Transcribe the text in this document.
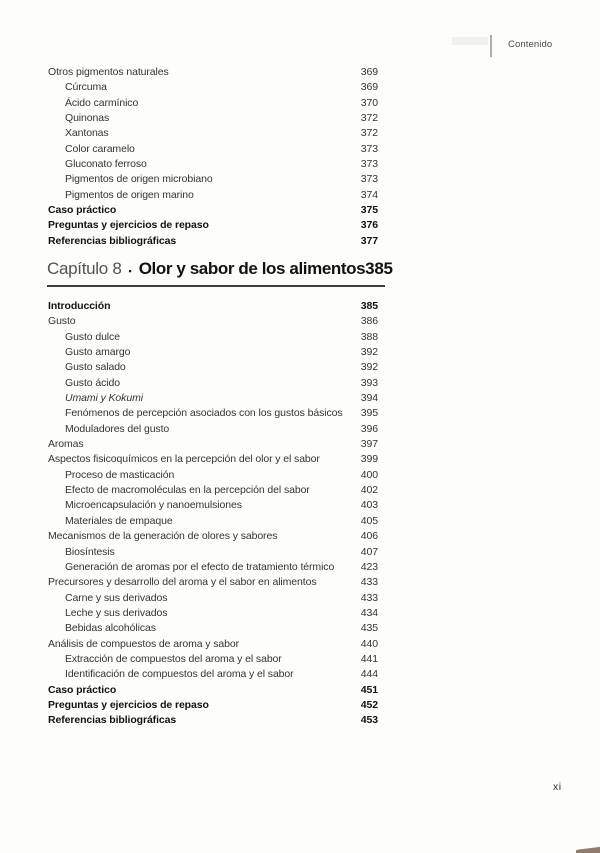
Contenido
Otros pigmentos naturales	369
Cúrcuma	369
Ácido carmínico	370
Quinonas	372
Xantonas	372
Color caramelo	373
Gluconato ferroso	373
Pigmentos de origen microbiano	373
Pigmentos de origen marino	374
Caso práctico	375
Preguntas y ejercicios de repaso	376
Referencias bibliográficas	377
Capítulo 8 ▪ Olor y sabor de los alimentos 385
Introducción	385
Gusto	386
Gusto dulce	388
Gusto amargo	392
Gusto salado	392
Gusto ácido	393
Umami y Kokumi	394
Fenómenos de percepción asociados con los gustos básicos	395
Moduladores del gusto	396
Aromas	397
Aspectos fisicoquímicos en la percepción del olor y el sabor	399
Proceso de masticación	400
Efecto de macromoléculas en la percepción del sabor	402
Microencapsulación y nanoemulsiones	403
Materiales de empaque	405
Mecanismos de la generación de olores y sabores	406
Biosíntesis	407
Generación de aromas por el efecto de tratamiento térmico	423
Precursores y desarrollo del aroma y el sabor en alimentos	433
Carne y sus derivados	433
Leche y sus derivados	434
Bebidas alcohólicas	435
Análisis de compuestos de aroma y sabor	440
Extracción de compuestos del aroma y el sabor	441
Identificación de compuestos del aroma y el sabor	444
Caso práctico	451
Preguntas y ejercicios de repaso	452
Referencias bibliográficas	453
xi
